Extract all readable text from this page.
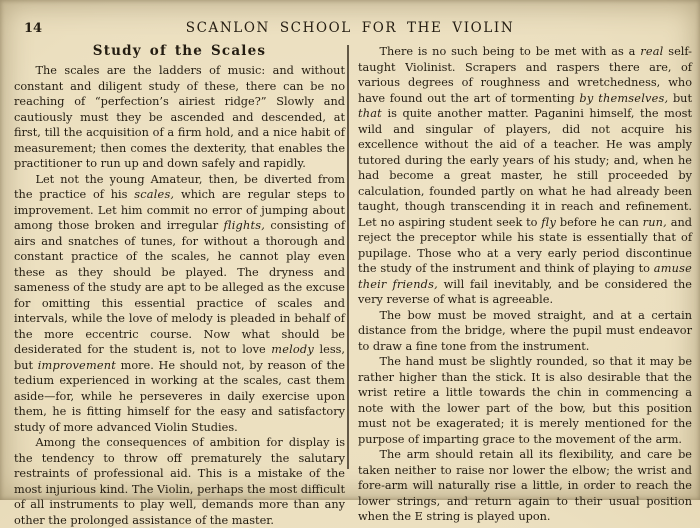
14	SCANLON SCHOOL FOR THE VIOLIN
Study of the Scales

The scales are the ladders of music: and without constant and diligent study of these, there can be no reaching of “perfection’s airiest ridge?” Slowly and cautiously must they be ascended and descended, at first, till the acquisition of a firm hold, and a nice habit of measurement; then comes the dexterity, that enables the practitioner to run up and down safely and rapidly.

Let not the young Amateur, then, be diverted from the practice of his scales, which are regular steps to improvement. Let him commit no error of jumping about among those broken and irregular flights, consisting of airs and snatches of tunes, for without a thorough and constant practice of the scales, he cannot play even these as they should be played. The dryness and sameness of the study are apt to be alleged as the excuse for omitting this essential practice of scales and intervals, while the love of melody is pleaded in behalf of the more eccentric course. Now what should be desiderated for the student is, not to love melody less, but improvement more. He should not, by reason of the tedium experienced in working at the scales, cast them aside—for, while he perseveres in daily exercise upon them, he is fitting himself for the easy and satisfactory study of more advanced Violin Studies.

Among the consequences of ambition for display is the tendency to throw off prematurely the salutary restraints of professional aid. This is a mistake of the most injurious kind. The Violin, perhaps the most difficult of all instruments to play well, demands more than any other the prolonged assistance of the master.

There is no such being to be met with as a real self-taught Violinist. Scrapers and raspers there are, of various degrees of roughness and wretchedness, who have found out the art of tormenting by themselves, but that is quite another matter. Paganini himself, the most wild and singular of players, did not acquire his excellence without the aid of a teacher. He was amply tutored during the early years of his study; and, when he had become a great master, he still proceeded by calculation, founded partly on what he had already been taught, though transcending it in reach and refinement. Let no aspiring student seek to fly before he can run, and reject the preceptor while his state is essentially that of pupilage. Those who at a very early period discontinue the study of the instrument and think of playing to amuse their friends, will fail inevitably, and be considered the very reverse of what is agreeable.

The bow must be moved straight, and at a certain distance from the bridge, where the pupil must endeavor to draw a fine tone from the instrument.

The hand must be slightly rounded, so that it may be rather higher than the stick. It is also desirable that the wrist retire a little towards the chin in commencing a note with the lower part of the bow, but this position must not be exagerated; it is merely mentioned for the purpose of imparting grace to the movement of the arm.

The arm should retain all its flexibility, and care be taken neither to raise nor lower the elbow; the wrist and fore-arm will naturally rise a little, in order to reach the lower strings, and return again to their usual position when the E string is played upon.
